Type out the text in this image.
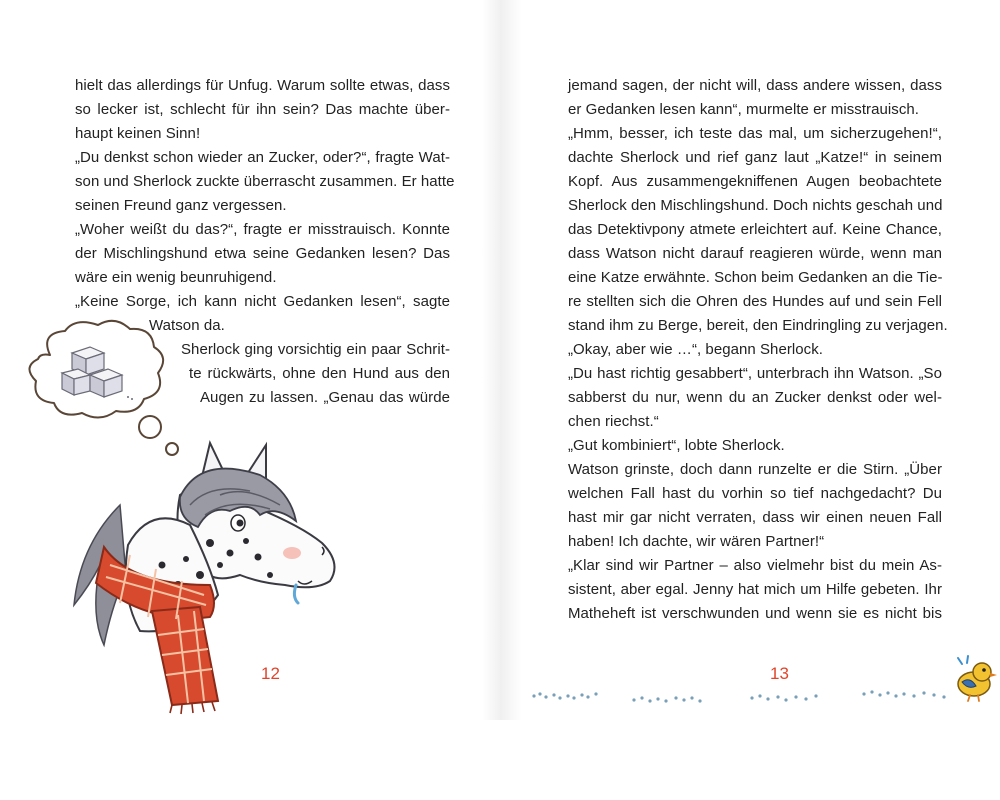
hielt das allerdings für Unfug. Warum sollte etwas, dass
so lecker ist, schlecht für ihn sein? Das machte über-
haupt keinen Sinn!
„Du denkst schon wieder an Zucker, oder?“, fragte Wat-
son und Sherlock zuckte überrascht zusammen. Er hatte
seinen Freund ganz vergessen.
„Woher weißt du das?“, fragte er misstrauisch. Konnte
der Mischlingshund etwa seine Gedanken lesen? Das
wäre ein wenig beunruhigend.
„Keine Sorge, ich kann nicht Gedanken lesen“, sagte
Watson da.
Sherlock ging vorsichtig ein paar Schrit-
te rückwärts, ohne den Hund aus den
Augen zu lassen. „Genau das würde
12
jemand sagen, der nicht will, dass andere wissen, dass
er Gedanken lesen kann“, murmelte er misstrauisch.
„Hmm, besser, ich teste das mal, um sicherzugehen!“,
dachte Sherlock und rief ganz laut „Katze!“ in seinem
Kopf. Aus zusammengekniffenen Augen beobachtete
Sherlock den Mischlingshund. Doch nichts geschah und
das Detektivpony atmete erleichtert auf. Keine Chance,
dass Watson nicht darauf reagieren würde, wenn man
eine Katze erwähnte. Schon beim Gedanken an die Tie-
re stellten sich die Ohren des Hundes auf und sein Fell
stand ihm zu Berge, bereit, den Eindringling zu verjagen.
„Okay, aber wie …“, begann Sherlock.
„Du hast richtig gesabbert“, unterbrach ihn Watson. „So
sabberst du nur, wenn du an Zucker denkst oder wel-
chen riechst.“
„Gut kombiniert“, lobte Sherlock.
Watson grinste, doch dann runzelte er die Stirn. „Über
welchen Fall hast du vorhin so tief nachgedacht? Du
hast mir gar nicht verraten, dass wir einen neuen Fall
haben! Ich dachte, wir wären Partner!“
„Klar sind wir Partner – also vielmehr bist du mein As-
sistent, aber egal. Jenny hat mich um Hilfe gebeten. Ihr
Matheheft ist verschwunden und wenn sie es nicht bis
13
